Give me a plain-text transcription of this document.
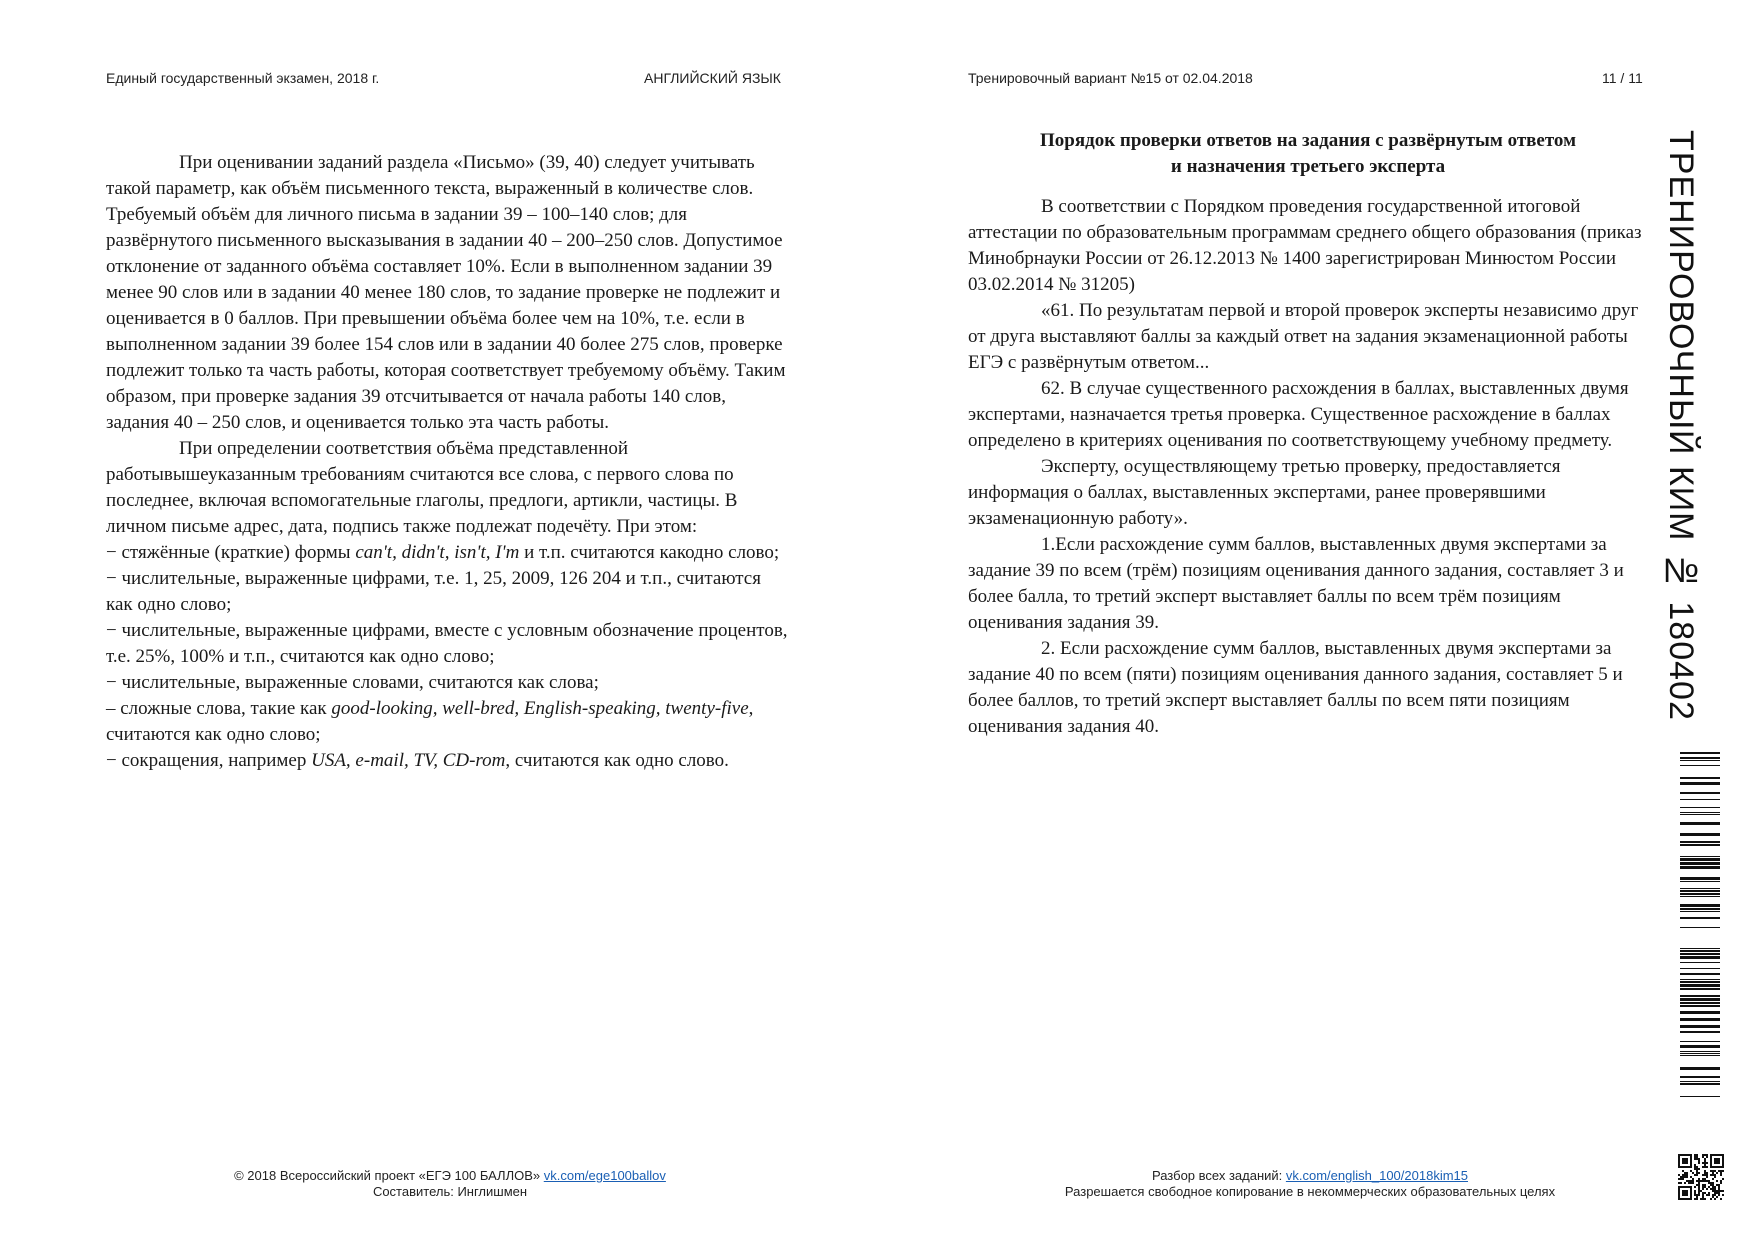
Единый государственный экзамен, 2018 г.	АНГЛИЙСКИЙ ЯЗЫК	Тренировочный вариант №15 от 02.04.2018	11 / 11

При оценивании заданий раздела «Письмо» (39, 40) следует учитывать такой параметр, как объём письменного текста, выраженный в количестве слов. Требуемый объём для личного письма в задании 39 – 100–140 слов; для развёрнутого письменного высказывания в задании 40 – 200–250 слов. Допустимое отклонение от заданного объёма составляет 10%. Если в выполненном задании 39 менее 90 слов или в задании 40 менее 180 слов, то задание проверке не подлежит и оценивается в 0 баллов. При превышении объёма более чем на 10%, т.е. если в выполненном задании 39 более 154 слов или в задании 40 более 275 слов, проверке подлежит только та часть работы, которая соответствует требуемому объёму. Таким образом, при проверке задания 39 отсчитывается от начала работы 140 слов, задания 40 – 250 слов, и оценивается только эта часть работы.

При определении соответствия объёма представленной работывышеуказанным требованиям считаются все слова, с первого слова по последнее, включая вспомогательные глаголы, предлоги, артикли, частицы. В личном письме адрес, дата, подпись также подлежат подечёту. При этом:

− стяжённые (краткие) формы can't, didn't, isn't, I'm и т.п. считаются какодно слово;

− числительные, выраженные цифрами, т.е. 1, 25, 2009, 126 204 и т.п., считаются как одно слово;

− числительные, выраженные цифрами, вместе с условным обозначение процентов, т.е. 25%, 100% и т.п., считаются как одно слово;

− числительные, выраженные словами, считаются как слова;

– сложные слова, такие как good-looking, well-bred, English-speaking, twenty-five, считаются как одно слово;

− сокращения, например USA, e-mail, TV, CD-rom, считаются как одно слово.

Порядок проверки ответов на задания с развёрнутым ответом
и назначения третьего эксперта

В соответствии с Порядком проведения государственной итоговой аттестации по образовательным программам среднего общего образования (приказ Минобрнауки России от 26.12.2013 № 1400 зарегистрирован Минюстом России 03.02.2014 № 31205)

«61. По результатам первой и второй проверок эксперты независимо друг от друга выставляют баллы за каждый ответ на задания экзаменационной работы ЕГЭ с развёрнутым ответом...

62. В случае существенного расхождения в баллах, выставленных двумя экспертами, назначается третья проверка. Существенное расхождение в баллах определено в критериях оценивания по соответствующему учебному предмету.

Эксперту, осуществляющему третью проверку, предоставляется информация о баллах, выставленных экспертами, ранее проверявшими экзаменационную работу».

1.Если расхождение сумм баллов, выставленных двумя экспертами за задание 39 по всем (трём) позициям оценивания данного задания, составляет 3 и более балла, то третий эксперт выставляет баллы по всем трём позициям оценивания задания 39.

2. Если расхождение сумм баллов, выставленных двумя экспертами за задание 40 по всем (пяти) позициям оценивания данного задания, составляет 5 и более баллов, то третий эксперт выставляет баллы по всем пяти позициям оценивания задания 40.

© 2018 Всероссийский проект «ЕГЭ 100 БАЛЛОВ» vk.com/ege100ballov
Составитель: Инглишмен
Разбор всех заданий: vk.com/english_100/2018kim15
Разрешается свободное копирование в некоммерческих образовательных целях
ТРЕНИРОВОЧНЫЙ КИМ № 180402
